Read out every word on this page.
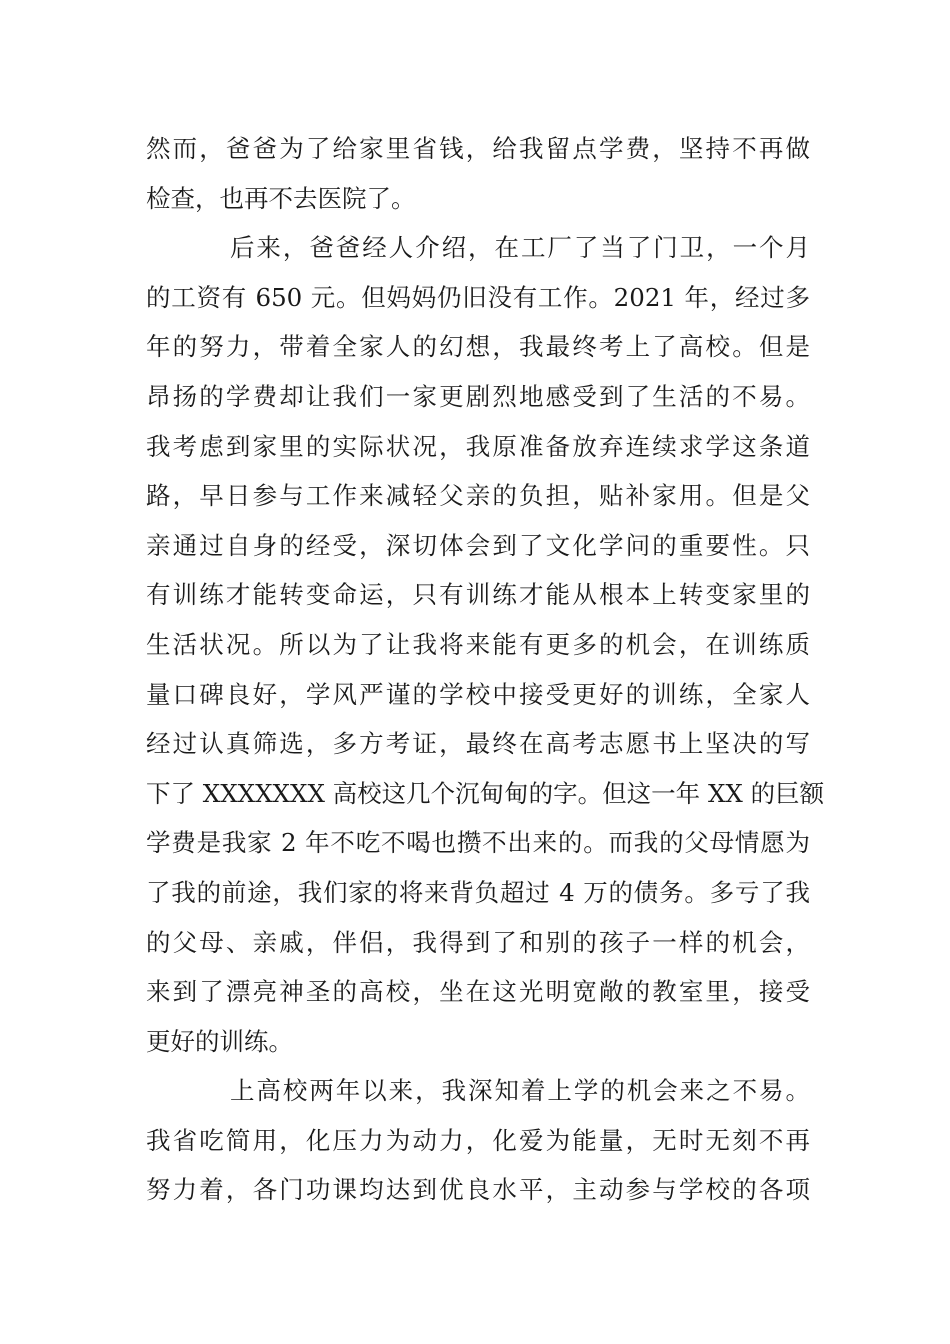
然而，爸爸为了给家里省钱，给我留点学费，坚持不再做
检查，也再不去医院了。

后来，爸爸经人介绍，在工厂了当了门卫，一个月
的工资有 650 元。但妈妈仍旧没有工作。2021 年，经过多
年的努力，带着全家人的幻想，我最终考上了高校。但是
昂扬的学费却让我们一家更剧烈地感受到了生活的不易。
我考虑到家里的实际状况，我原准备放弃连续求学这条道
路，早日参与工作来减轻父亲的负担，贴补家用。但是父
亲通过自身的经受，深切体会到了文化学问的重要性。只
有训练才能转变命运，只有训练才能从根本上转变家里的
生活状况。所以为了让我将来能有更多的机会，在训练质
量口碑良好，学风严谨的学校中接受更好的训练，全家人
经过认真筛选，多方考证，最终在高考志愿书上坚决的写
下了 XXXXXXX 高校这几个沉甸甸的字。但这一年 XX 的巨额
学费是我家 2 年不吃不喝也攒不出来的。而我的父母情愿为
了我的前途，我们家的将来背负超过 4 万的债务。多亏了我
的父母、亲戚，伴侣，我得到了和别的孩子一样的机会，
来到了漂亮神圣的高校，坐在这光明宽敞的教室里，接受
更好的训练。

上高校两年以来，我深知着上学的机会来之不易。
我省吃简用，化压力为动力，化爱为能量，无时无刻不再
努力着，各门功课均达到优良水平，主动参与学校的各项
